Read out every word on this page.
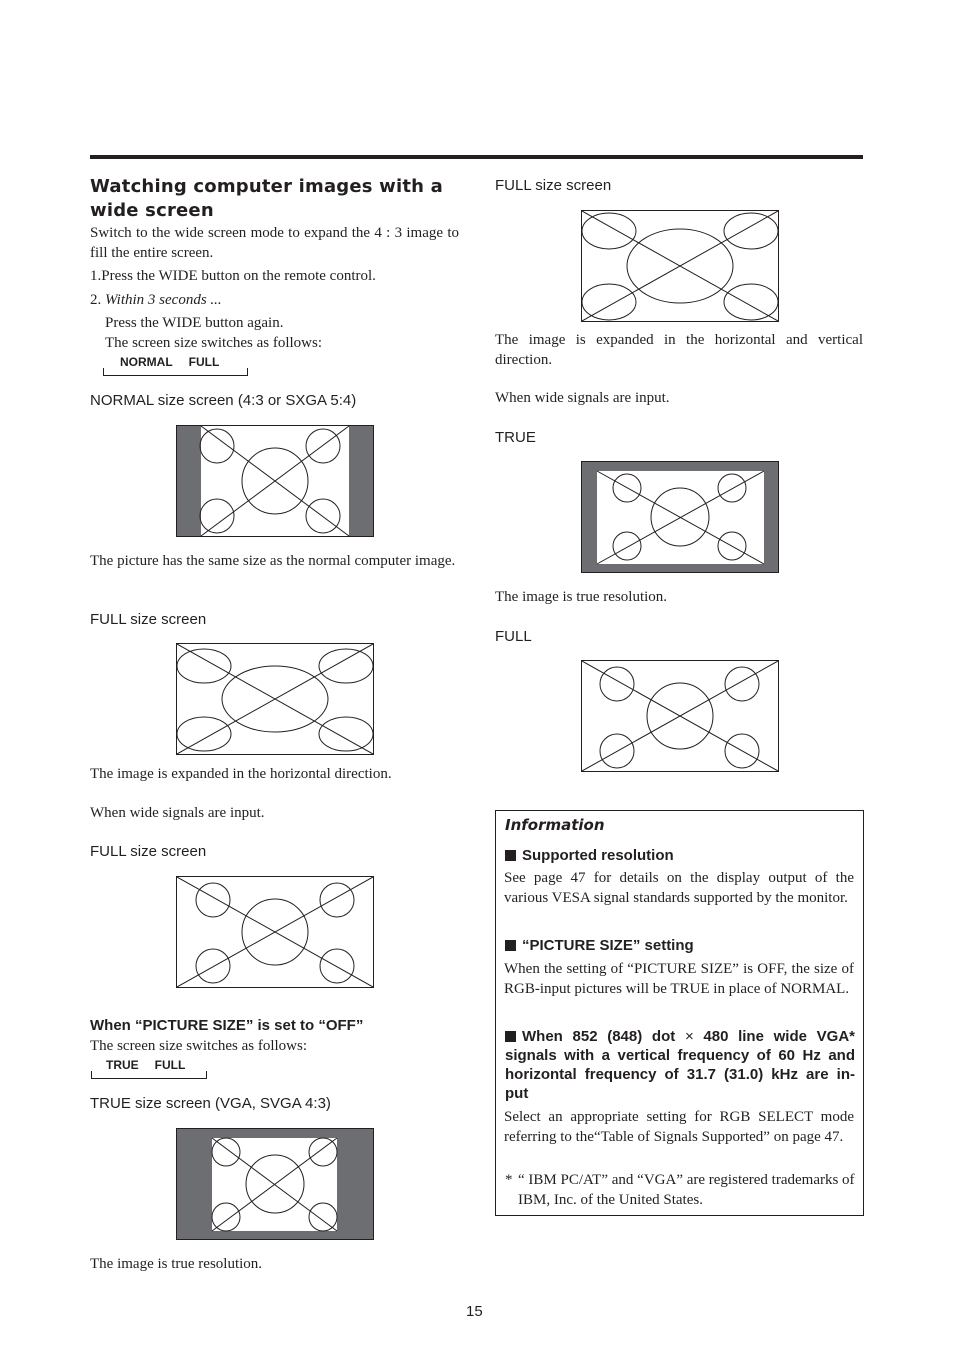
Watching computer images with a
wide screen
Switch to the wide screen mode to expand the 4 : 3 image to fill the entire screen.
1.Press the WIDE button on the remote control.
2. Within 3 seconds ...
Press the WIDE button again.
The screen size switches as follows:
NORMAL FULL
NORMAL size screen (4:3 or SXGA 5:4)
The picture has the same size as the normal computer image.
FULL size screen
The image is expanded in the horizontal direction.
When wide signals are input.
FULL size screen
When “PICTURE SIZE” is set to “OFF”
The screen size switches as follows:
TRUE FULL
TRUE size screen (VGA, SVGA 4:3)
The image is true resolution.
FULL size screen
The image is expanded in the horizontal and vertical direction.
When wide signals are input.
TRUE
The image is true resolution.
FULL
Information
Supported resolution
See page 47 for details on the display output of the various VESA signal standards supported by the monitor.
“PICTURE SIZE” setting
When the setting of “PICTURE SIZE” is OFF, the size of RGB-input pictures will be TRUE in place of NORMAL.
When 852 (848) dot × 480 line wide VGA*
signals with a vertical frequency of 60 Hz and
horizontal frequency of 31.7 (31.0) kHz are in-
put
Select an appropriate setting for RGB SELECT mode referring to the“Table of Signals Supported” on page 47.
* “ IBM PC/AT” and “VGA” are registered trademarks of IBM, Inc. of the United States.
15
